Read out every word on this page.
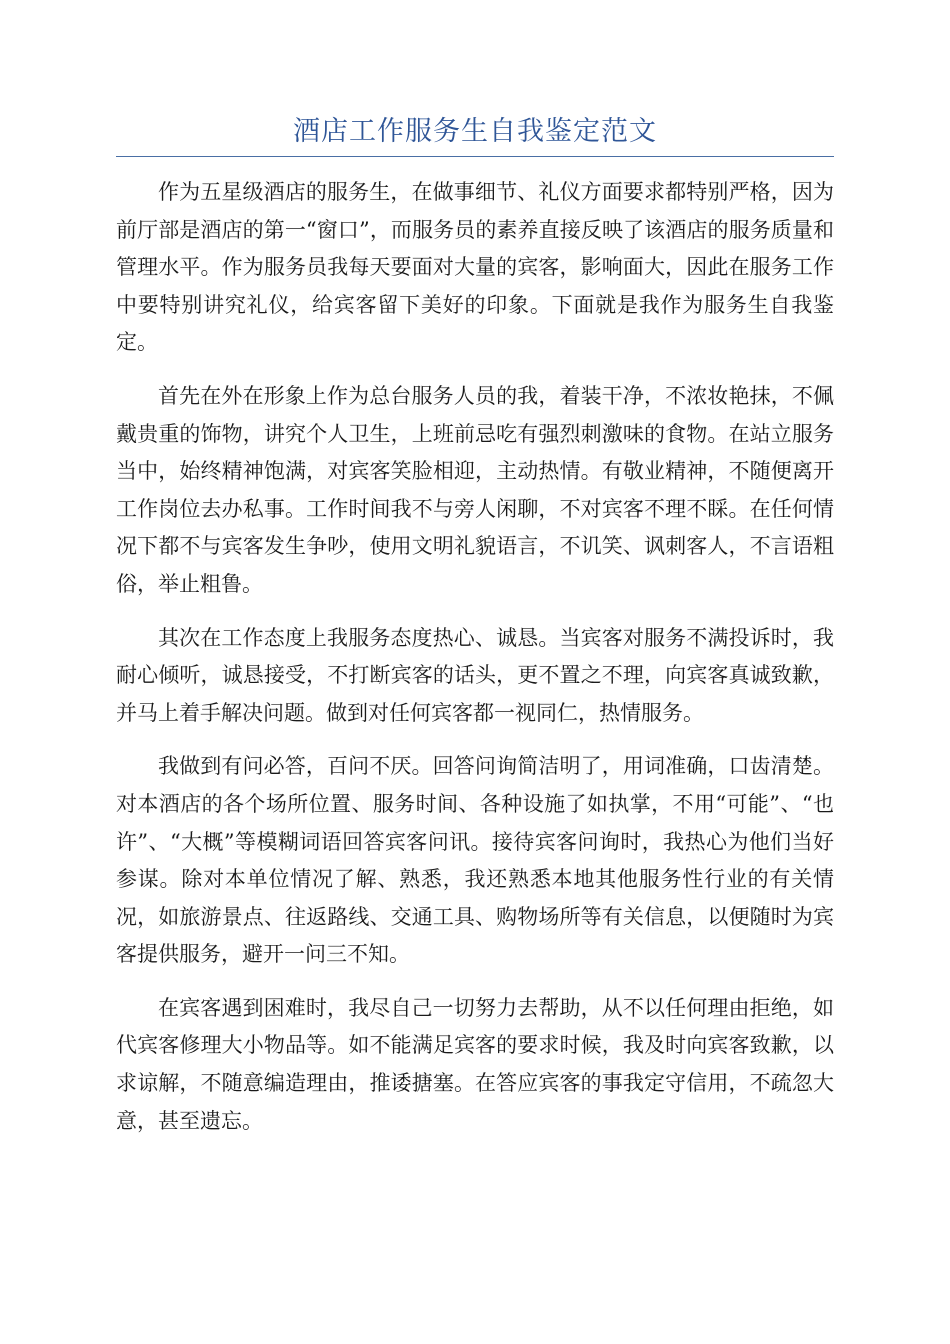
酒店工作服务生自我鉴定范文

作为五星级酒店的服务生，在做事细节、礼仪方面要求都特别严格，因为前厅部是酒店的第一“窗口”，而服务员的素养直接反映了该酒店的服务质量和管理水平。作为服务员我每天要面对大量的宾客，影响面大，因此在服务工作中要特别讲究礼仪，给宾客留下美好的印象。下面就是我作为服务生自我鉴定。

首先在外在形象上作为总台服务人员的我，着装干净，不浓妆艳抹，不佩戴贵重的饰物，讲究个人卫生，上班前忌吃有强烈刺激味的食物。在站立服务当中，始终精神饱满，对宾客笑脸相迎，主动热情。有敬业精神，不随便离开工作岗位去办私事。工作时间我不与旁人闲聊，不对宾客不理不睬。在任何情况下都不与宾客发生争吵，使用文明礼貌语言，不讥笑、讽刺客人，不言语粗俗，举止粗鲁。

其次在工作态度上我服务态度热心、诚恳。当宾客对服务不满投诉时，我耐心倾听，诚恳接受，不打断宾客的话头，更不置之不理，向宾客真诚致歉，并马上着手解决问题。做到对任何宾客都一视同仁，热情服务。

我做到有问必答，百问不厌。回答问询简洁明了，用词准确，口齿清楚。对本酒店的各个场所位置、服务时间、各种设施了如执掌，不用“可能”、“也许”、“大概”等模糊词语回答宾客问讯。接待宾客问询时，我热心为他们当好参谋。除对本单位情况了解、熟悉，我还熟悉本地其他服务性行业的有关情况，如旅游景点、往返路线、交通工具、购物场所等有关信息，以便随时为宾客提供服务，避开一问三不知。

在宾客遇到困难时，我尽自己一切努力去帮助，从不以任何理由拒绝，如代宾客修理大小物品等。如不能满足宾客的要求时候，我及时向宾客致歉，以求谅解，不随意编造理由，推诿搪塞。在答应宾客的事我定守信用，不疏忽大意，甚至遗忘。
